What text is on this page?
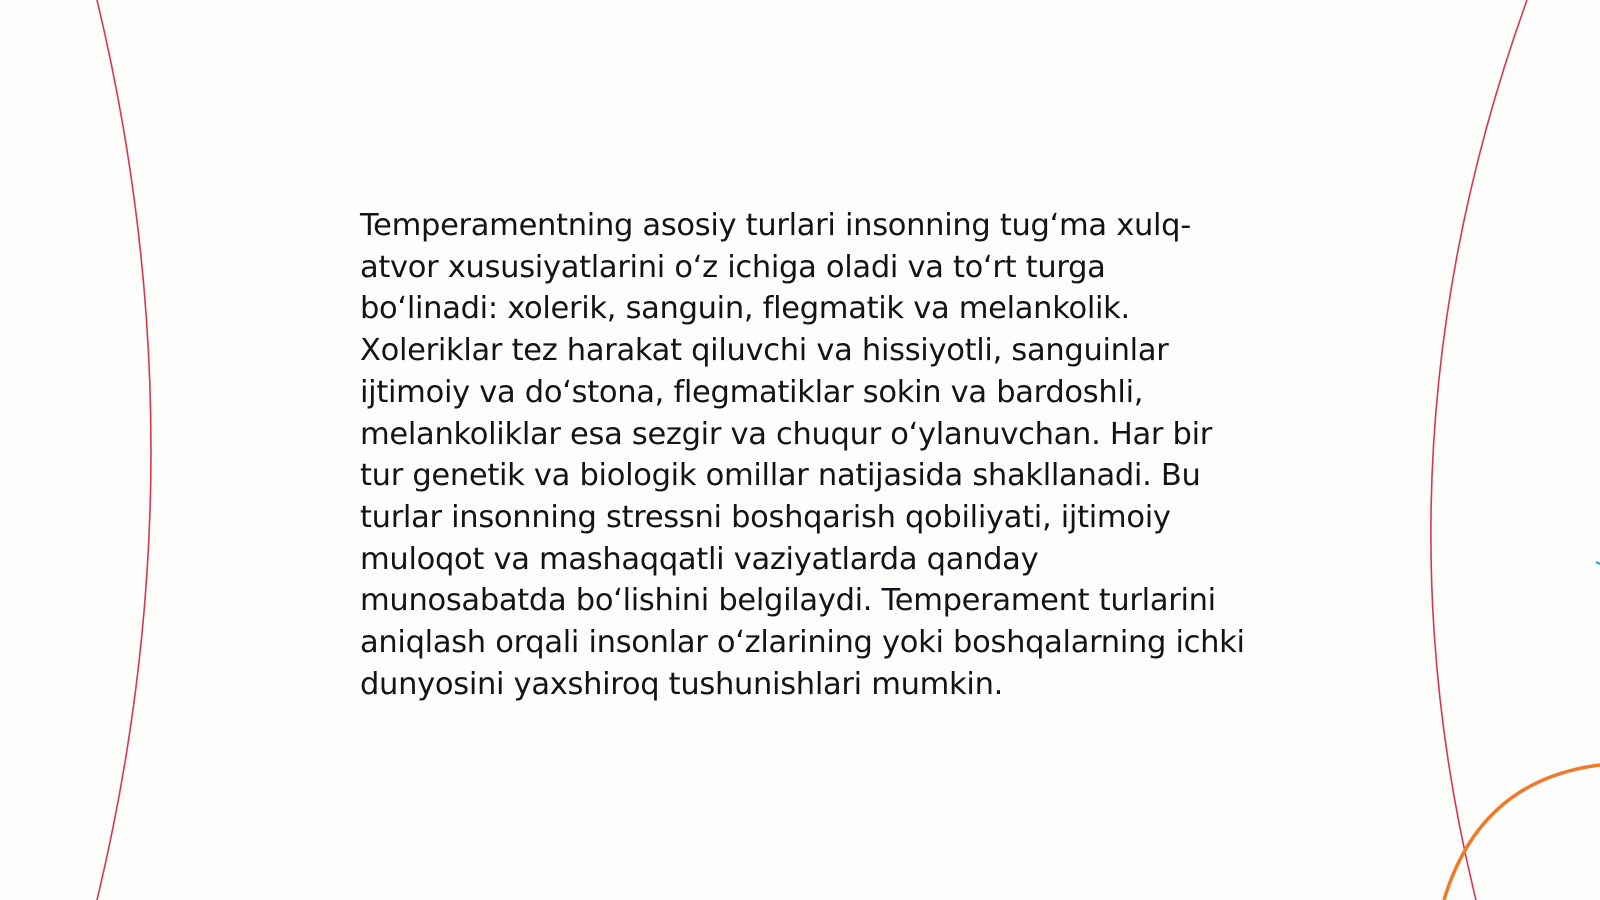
Temperamentning asosiy turlari insonning tug‘ma xulq-atvor xususiyatlarini o‘z ichiga oladi va to‘rt turga bo‘linadi: xolerik, sanguin, flegmatik va melankolik. Xoleriklar tez harakat qiluvchi va hissiyotli, sanguinlar ijtimoiy va do‘stona, flegmatiklar sokin va bardoshli, melankoliklar esa sezgir va chuqur o‘ylanuvchan. Har bir tur genetik va biologik omillar natijasida shakllanadi. Bu turlar insonning stressni boshqarish qobiliyati, ijtimoiy muloqot va mashaqqatli vaziyatlarda qanday munosabatda bo‘lishini belgilaydi. Temperament turlarini aniqlash orqali insonlar o‘zlarining yoki boshqalarning ichki dunyosini yaxshiroq tushunishlari mumkin.
